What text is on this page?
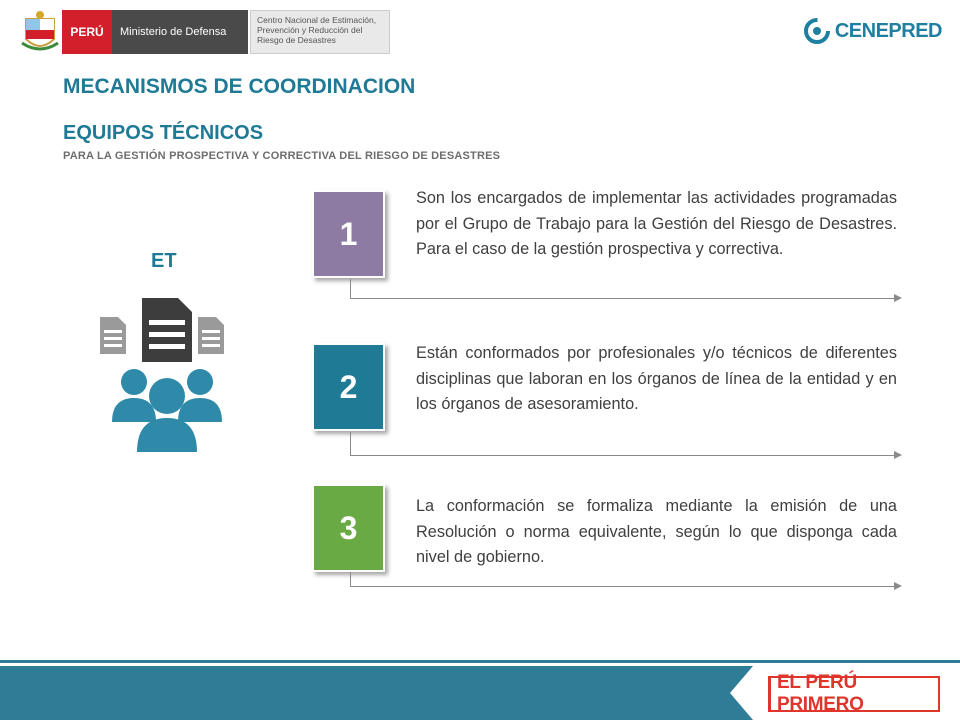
PERÚ	Ministerio de Defensa
Centro Nacional de Estimación,
Prevención y Reducción del
Riesgo de Desastres	CENEPRED
MECANISMOS DE COORDINACION
EQUIPOS TÉCNICOS
PARA LA GESTIÓN PROSPECTIVA Y CORRECTIVA DEL RIESGO DE DESASTRES
ET
1
Son los encargados de implementar las actividades programadas por el Grupo de Trabajo para la Gestión del Riesgo de Desastres. Para el caso de la gestión prospectiva y correctiva.
2
Están conformados por profesionales y/o técnicos de diferentes disciplinas que laboran en los órganos de línea de la entidad y en los órganos de asesoramiento.
3
La conformación se formaliza mediante la emisión de una Resolución o norma equivalente, según lo que disponga cada nivel de gobierno.
EL PERÚ PRIMERO
